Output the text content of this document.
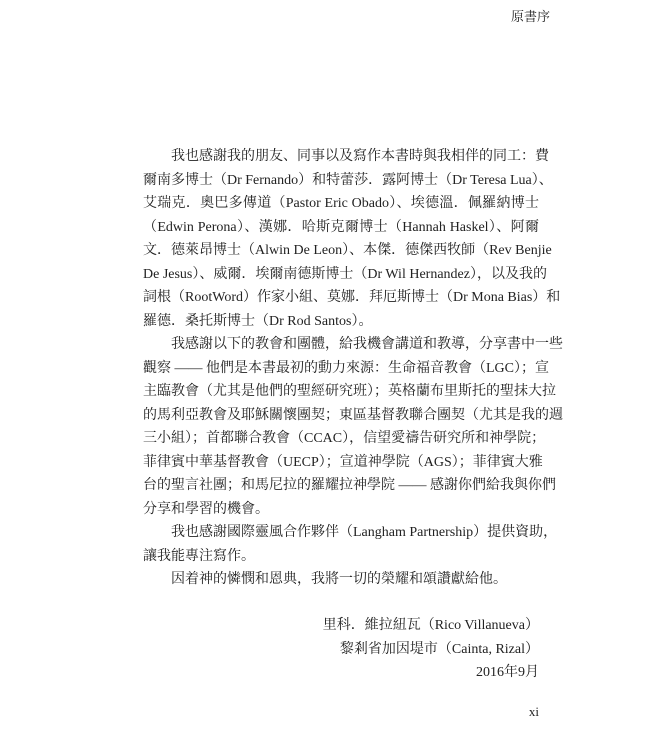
原書序
我也感謝我的朋友、同事以及寫作本書時與我相伴的同工：費
爾南多博士（Dr Fernando）和特蕾莎．露阿博士（Dr Teresa Lua）、
艾瑞克．奧巴多傳道（Pastor Eric Obado）、埃德溫．佩羅納博士
（Edwin Perona）、漢娜．哈斯克爾博士（Hannah Haskel）、阿爾
文．德萊昂博士（Alwin De Leon）、本傑．德傑西牧師（Rev Benjie
De Jesus）、威爾．埃爾南德斯博士（Dr Wil Hernandez），以及我的
詞根（RootWord）作家小組、莫娜．拜厄斯博士（Dr Mona Bias）和
羅德．桑托斯博士（Dr Rod Santos）。
我感謝以下的教會和團體，給我機會講道和教導，分享書中一些
觀察 —— 他們是本書最初的動力來源：生命福音教會（LGC）；宣
主臨教會（尤其是他們的聖經研究班）；英格蘭布里斯托的聖抹大拉
的馬利亞教會及耶穌關懷團契；東區基督教聯合團契（尤其是我的週
三小組）；首都聯合教會（CCAC），信望愛禱告研究所和神學院；
菲律賓中華基督教會（UECP）；宣道神學院（AGS）；菲律賓大雅
台的聖言社團；和馬尼拉的羅耀拉神學院 —— 感謝你們給我與你們
分享和學習的機會。
我也感謝國際靈風合作夥伴（Langham Partnership）提供資助，
讓我能專注寫作。
因着神的憐憫和恩典，我將一切的榮耀和頌讚獻給他。
里科．維拉紐瓦（Rico Villanueva）
黎剎省加因堤市（Cainta, Rizal）
2016年9月
xi
